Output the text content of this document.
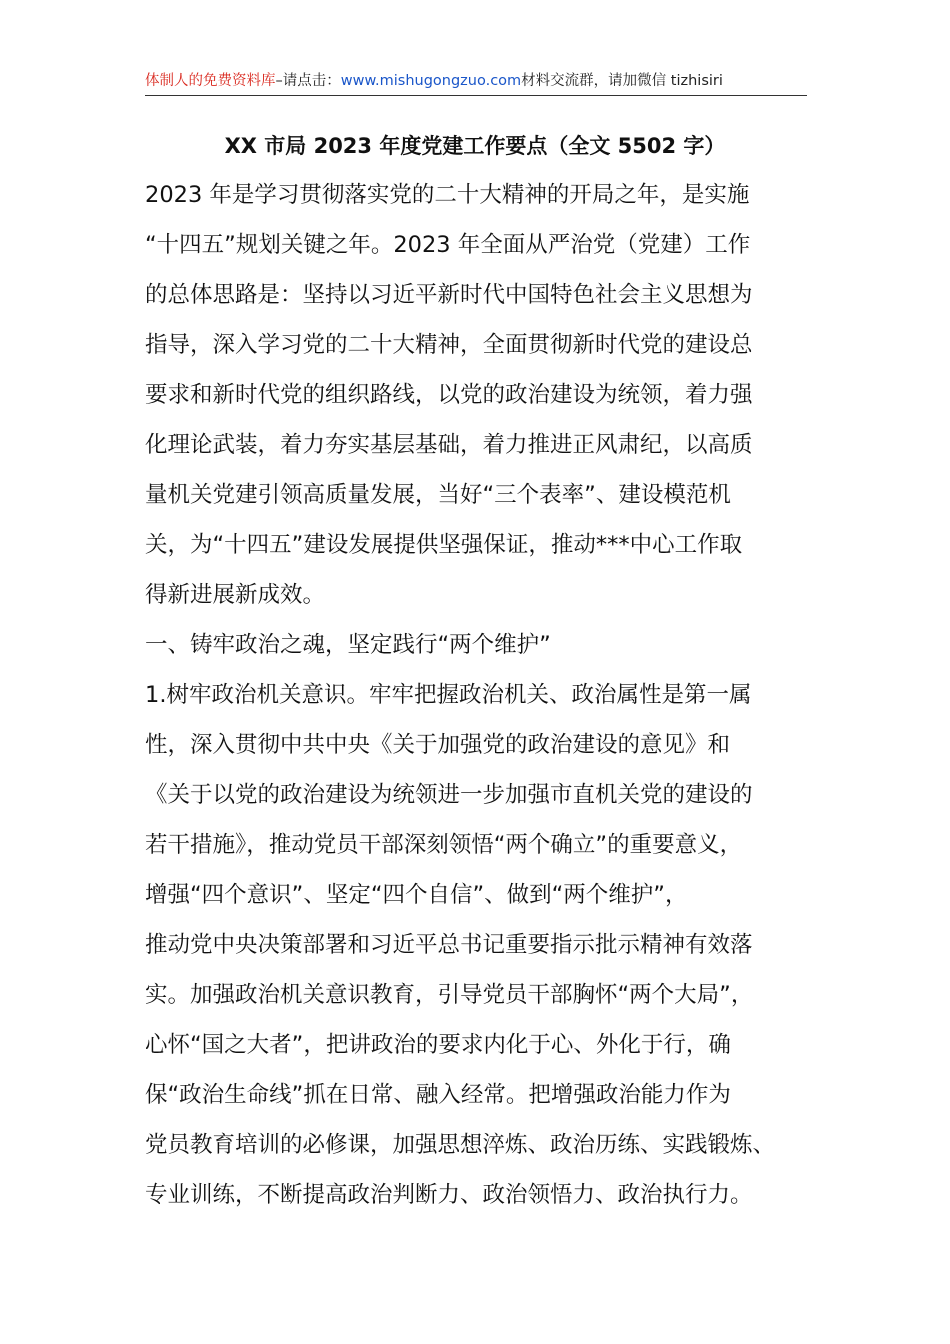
体制人的免费资料库–请点击：www.mishugongzuo.com材料交流群，请加微信 tizhisiri
XX 市局 2023 年度党建工作要点（全文 5502 字）
2023 年是学习贯彻落实党的二十大精神的开局之年，是实施
“十四五”规划关键之年。2023 年全面从严治党（党建）工作
的总体思路是：坚持以习近平新时代中国特色社会主义思想为
指导，深入学习党的二十大精神，全面贯彻新时代党的建设总
要求和新时代党的组织路线，以党的政治建设为统领，着力强
化理论武装，着力夯实基层基础，着力推进正风肃纪，以高质
量机关党建引领高质量发展，当好“三个表率”、建设模范机
关，为“十四五”建设发展提供坚强保证，推动***中心工作取
得新进展新成效。
一、铸牢政治之魂，坚定践行“两个维护”
1.树牢政治机关意识。牢牢把握政治机关、政治属性是第一属
性，深入贯彻中共中央《关于加强党的政治建设的意见》和
《关于以党的政治建设为统领进一步加强市直机关党的建设的
若干措施》，推动党员干部深刻领悟“两个确立”的重要意义，
增强“四个意识”、坚定“四个自信”、做到“两个维护”，
推动党中央决策部署和习近平总书记重要指示批示精神有效落
实。加强政治机关意识教育，引导党员干部胸怀“两个大局”，
心怀“国之大者”，把讲政治的要求内化于心、外化于行，确
保“政治生命线”抓在日常、融入经常。把增强政治能力作为
党员教育培训的必修课，加强思想淬炼、政治历练、实践锻炼、
专业训练，不断提高政治判断力、政治领悟力、政治执行力。
